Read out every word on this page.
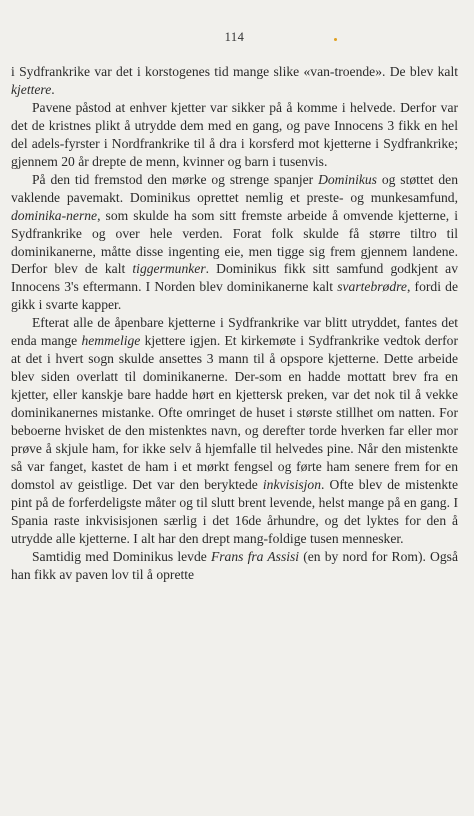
114

i Sydfrankrike var det i korstogenes tid mange slike «van-troende». De blev kalt kjettere.

Pavene påstod at enhver kjetter var sikker på å komme i helvede. Derfor var det de kristnes plikt å utrydde dem med en gang, og pave Innocens 3 fikk en hel del adels-fyrster i Nordfrankrike til å dra i korsferd mot kjetterne i Sydfrankrike; gjennem 20 år drepte de menn, kvinner og barn i tusenvis.

På den tid fremstod den mørke og strenge spanjer Dominikus og støttet den vaklende pavemakt. Dominikus oprettet nemlig et preste- og munkesamfund, dominika-nerne, som skulde ha som sitt fremste arbeide å omvende kjetterne, i Sydfrankrike og over hele verden. Forat folk skulde få større tiltro til dominikanerne, måtte disse ingenting eie, men tigge sig frem gjennem landene. Derfor blev de kalt tiggermunker. Dominikus fikk sitt samfund godkjent av Innocens 3's eftermann. I Norden blev dominikanerne kalt svartebrødre, fordi de gikk i svarte kapper.

Efterat alle de åpenbare kjetterne i Sydfrankrike var blitt utryddet, fantes det enda mange hemmelige kjettere igjen. Et kirkemøte i Sydfrankrike vedtok derfor at det i hvert sogn skulde ansettes 3 mann til å opspore kjetterne. Dette arbeide blev siden overlatt til dominikanerne. Der-som en hadde mottatt brev fra en kjetter, eller kanskje bare hadde hørt en kjettersk preken, var det nok til å vekke dominikanernes mistanke. Ofte omringet de huset i største stillhet om natten. For beboerne hvisket de den mistenktes navn, og derefter torde hverken far eller mor prøve å skjule ham, for ikke selv å hjemfalle til helvedes pine. Når den mistenkte så var fanget, kastet de ham i et mørkt fengsel og førte ham senere frem for en domstol av geistlige. Det var den beryktede inkvisisjon. Ofte blev de mistenkte pint på de forferdeligste måter og til slutt brent levende, helst mange på en gang. I Spania raste inkvisisjonen særlig i det 16de århundre, og det lyktes for den å utrydde alle kjetterne. I alt har den drept mang-foldige tusen mennesker.

Samtidig med Dominikus levde Frans fra Assisi (en by nord for Rom). Også han fikk av paven lov til å oprette
